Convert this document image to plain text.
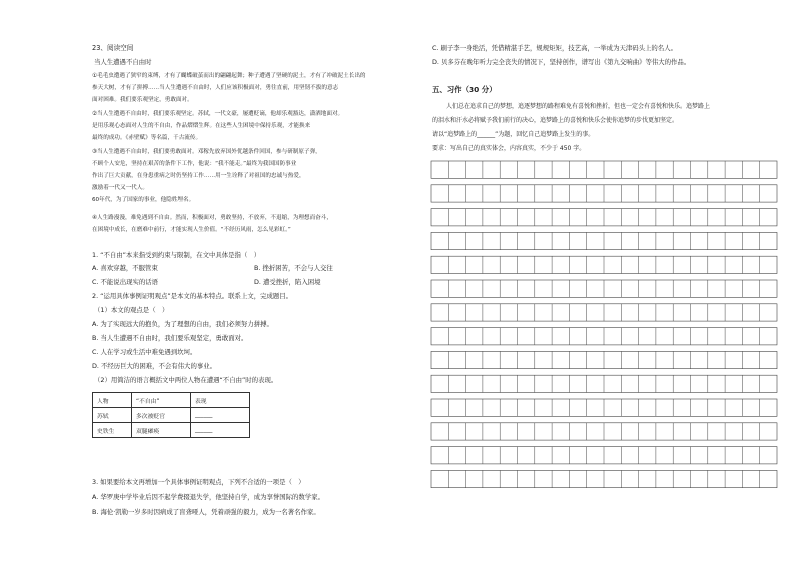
23、阅读空间
当人生遭遇不自由时
①毛毛虫遭遇了狭窄的束缚，才有了蝴蝶破茧而出的翩翩起舞；种子遭遇了坚硬的泥土，才有了冲破泥土长出的
参天大树，才有了拼搏……当人生遭遇不自由时，人们应该积极面对，勇往直前，用坚韧不拔的意志
面对困难。我们要乐观坚定，勇敢面对。
②当人生遭遇不自由时，我们要乐观坚定。苏轼，一代文豪，屡遭贬谪，他却乐观豁达，潇洒地面对。
是用乐观心态面对人生的不自由，作品熠熠生辉。在这些人生困境中保持乐观，才能换来
最终的成功。《赤壁赋》等名篇，千古流传。
③当人生遭遇不自由时，我们要勇敢面对。邓稼先放弃国外优越条件回国，参与研制原子弹，
不顾个人安危，坚持在艰苦的条件下工作，他说：“我不能走。”最终为我国国防事业
作出了巨大贡献，在身患重病之时仍坚持工作……用一生诠释了对祖国的忠诚与热爱，
激励着一代又一代人。
60年代，为了国家的事业，他隐姓埋名。
④人生路漫漫，难免遇到不自由。然而，积极面对，勇敢坚持，不放弃，不退缩，为理想而奋斗，
在困境中成长，在磨难中前行，才能实现人生价值。“不经历风雨，怎么见彩虹。”
1. “不自由”本来指受到约束与限制，在文中具体是指（　）
A. 喜欢穿越，不服管束	B. 挫折困苦，不会与人交往
C. 不能说出现实的话语	D. 遭受挫折，陷入困境
2. “运用具体事例证明观点”是本文的基本特点。联系上文，完成题目。
（1）本文的观点是（　）
A. 为了实现远大的抱负，为了理想的自由，我们必须努力拼搏。
B. 当人生遭遇不自由时，我们要乐观坚定，勇敢面对。
C. 人在学习或生活中难免遇到坎坷。
D. 不经历巨大的困难，不会有伟大的事业。
（2）用简洁的语言概括文中两位人物在遭遇“不自由”时的表现。
人物	“不自由”	表现
苏轼	多次被贬官	______
史铁生	双腿瘫痪	______
3. 如果要给本文再增加一个具体事例证明观点，下列不合适的一项是（　）
A. 华罗庚中学毕业后因不起学费辍退失学，他坚持自学，成为享誉国际的数学家。
B. 海伦·凯勒一岁多时因病成了盲聋哑人，凭着顽强的毅力，成为一名著名作家。
C. 刷子李一身绝活，凭借精湛手艺，规规矩矩，技艺高，一举成为天津码头上的名人。
D. 贝多芬在晚年听力完全丧失的情况下，坚持创作，谱写出《第九交响曲》等伟大的作品。
五、习作（30 分）
人们总在追求自己的梦想，追逐梦想的路程难免有喜悦和挫折，但也一定会有喜悦和快乐。追梦路上
的泪水和汗水必将赋予我们前行的决心，追梦路上的喜悦和快乐会使你追梦的步伐更加坚定。
请以“追梦路上的______”为题，回忆自己追梦路上发生的事。
要求：写出自己的真实体会，内容真实，不少于 450 字。
